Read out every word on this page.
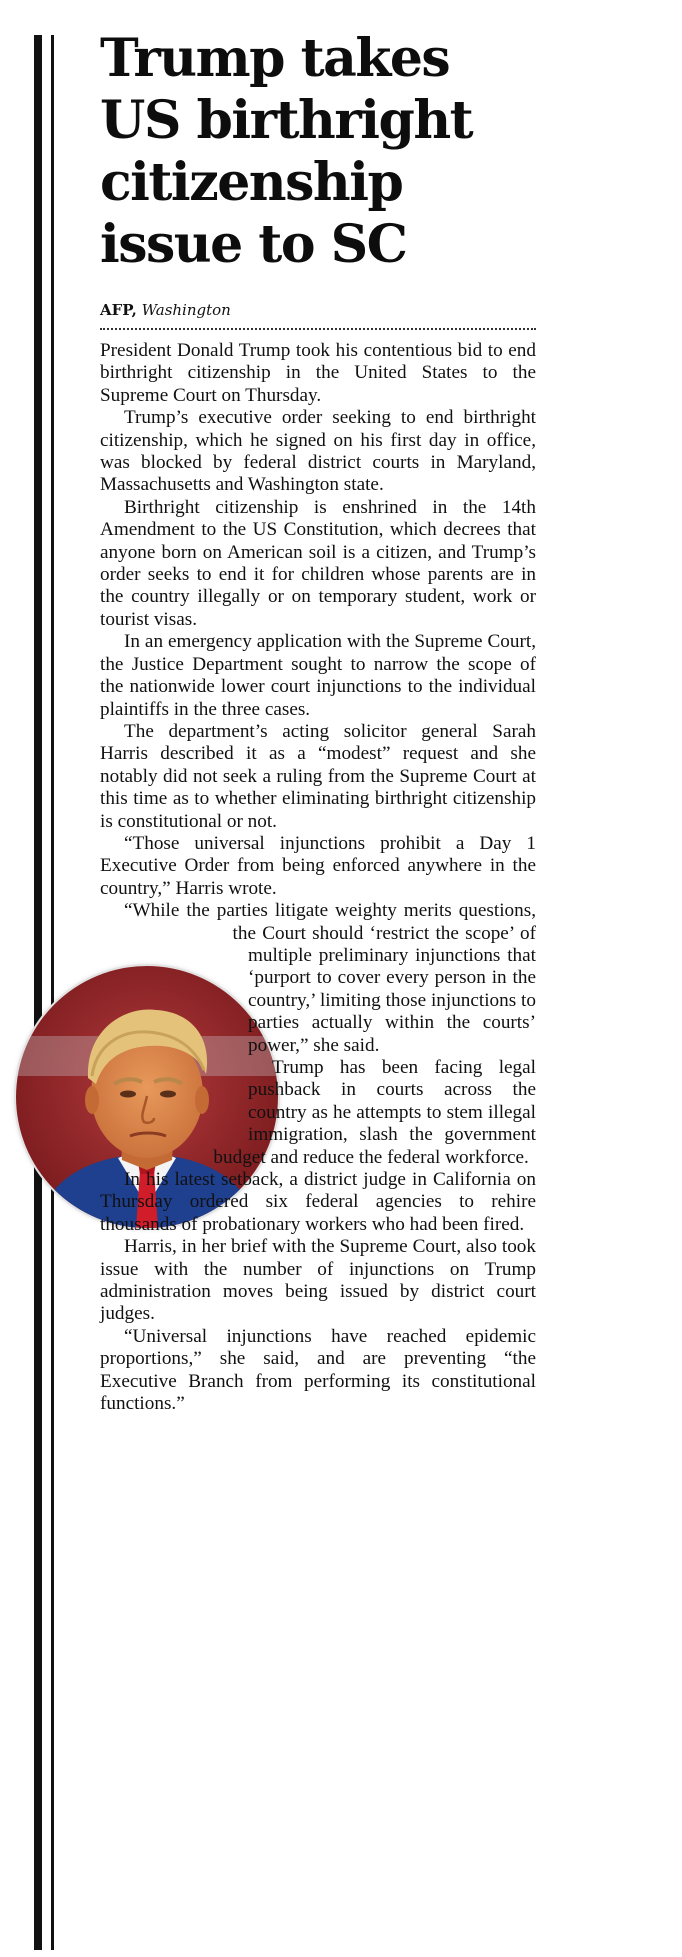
Trump takes US birthright citizenship issue to SC
AFP, Washington

President Donald Trump took his contentious bid to end birthright citizenship in the United States to the Supreme Court on Thursday.

Trump’s executive order seeking to end birthright citizenship, which he signed on his first day in office, was blocked by federal district courts in Maryland, Massachusetts and Washington state.

Birthright citizenship is enshrined in the 14th Amendment to the US Constitution, which decrees that anyone born on American soil is a citizen, and Trump’s order seeks to end it for children whose parents are in the country illegally or on temporary student, work or tourist visas.

In an emergency application with the Supreme Court, the Justice Department sought to narrow the scope of the nationwide lower court injunctions to the individual plaintiffs in the three cases.

The department’s acting solicitor general Sarah Harris described it as a “modest” request and she notably did not seek a ruling from the Supreme Court at this time as to whether eliminating birthright citizenship is constitutional or not.

“Those universal injunctions prohibit a Day 1 Executive Order from being enforced anywhere in the country,” Harris wrote.

“While the parties litigate weighty merits questions, the Court should ‘restrict the scope’ of multiple preliminary injunctions that ‘purport to cover every person in the country,’ limiting those injunctions to parties actually within the courts’ power,” she said.

Trump has been facing legal pushback in courts across the country as he attempts to stem illegal immigration, slash the government budget and reduce the federal workforce.

In his latest setback, a district judge in California on Thursday ordered six federal agencies to rehire thousands of probationary workers who had been fired.

Harris, in her brief with the Supreme Court, also took issue with the number of injunctions on Trump administration moves being issued by district court judges.

“Universal injunctions have reached epidemic proportions,” she said, and are preventing “the Executive Branch from performing its constitutional functions.”
